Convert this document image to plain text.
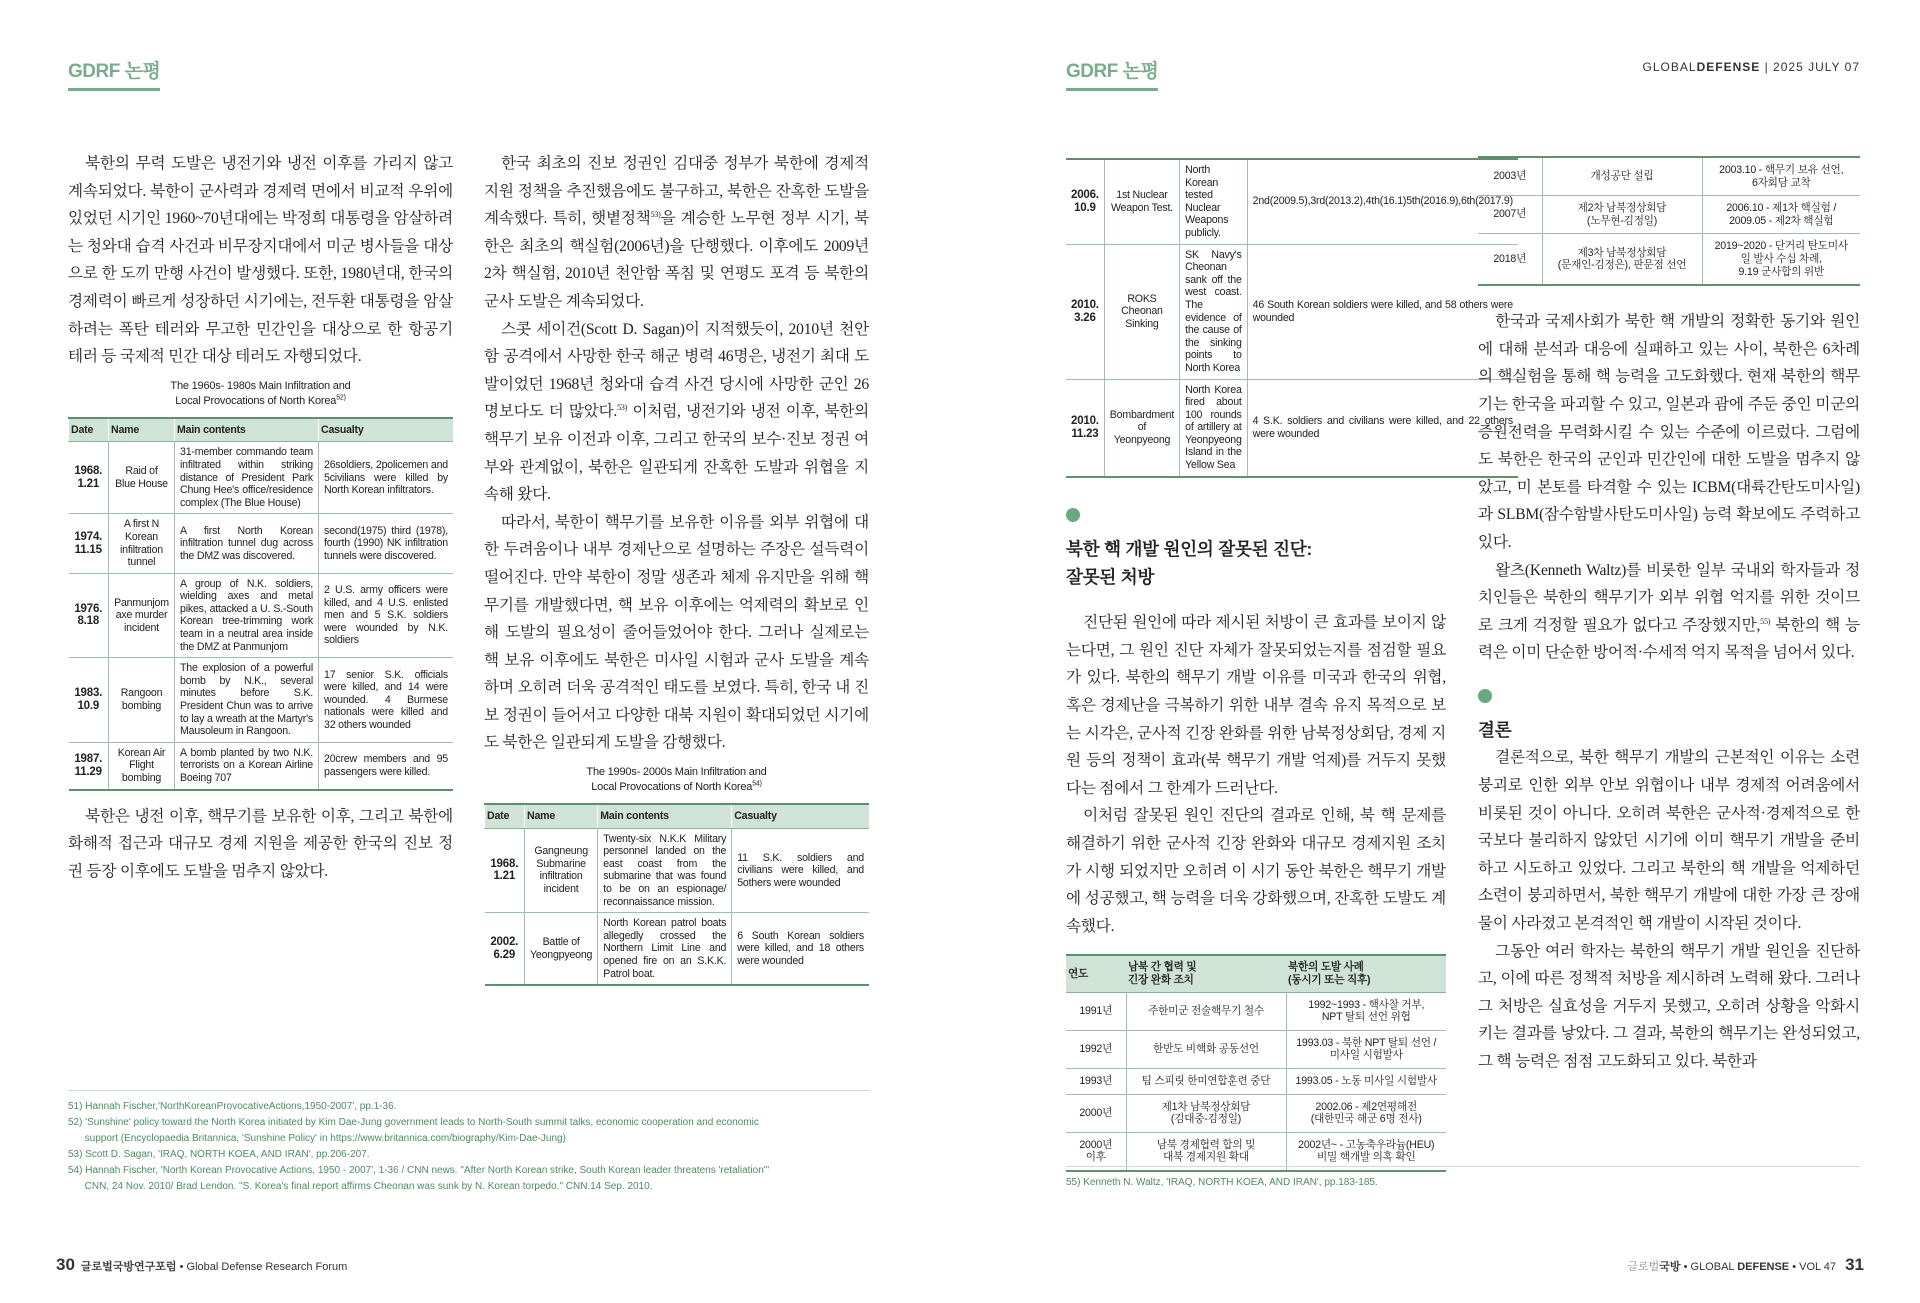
GDRF 논평

북한의 무력 도발은 냉전기와 냉전 이후를 가리지 않고 계속되었다. 북한이 군사력과 경제력 면에서 비교적 우위에 있었던 시기인 1960~70년대에는 박정희 대통령을 암살하려는 청와대 습격 사건과 비무장지대에서 미군 병사들을 대상으로 한 도끼 만행 사건이 발생했다. 또한, 1980년대, 한국의 경제력이 빠르게 성장하던 시기에는, 전두환 대통령을 암살하려는 폭탄 테러와 무고한 민간인을 대상으로 한 항공기 테러 등 국제적 민간 대상 테러도 자행되었다.

The 1960s- 1980s Main Infiltration and
Local Provocations of North Korea$^{52)}$
Date	Name	Main contents	Casualty
1968.
1.21	Raid of Blue House	31-member commando team infiltrated within striking distance of President Park Chung Hee's office/residence complex (The Blue House)	26soldiers, 2policemen and 5civilians were killed by North Korean infiltrators.
1974.
11.15	A first N Korean infiltration tunnel	A first North Korean infiltration tunnel dug across the DMZ was discovered.	second(1975) third (1978), fourth (1990) NK infiltration tunnels were discovered.
1976.
8.18	Panmunjom axe murder incident	A group of N.K. soldiers, wielding axes and metal pikes, attacked a U. S.-South Korean tree-trimming work team in a neutral area inside the DMZ at Panmunjom	2 U.S. army officers were killed, and 4 U.S. enlisted men and 5 S.K. soldiers were wounded by N.K. soldiers
1983.
10.9	Rangoon bombing	The explosion of a powerful bomb by N.K., several minutes before S.K. President Chun was to arrive to lay a wreath at the Martyr's Mausoleum in Rangoon.	17 senior S.K. officials were killed, and 14 were wounded. 4 Burmese nationals were killed and 32 others wounded
1987.
11.29	Korean Air Flight bombing	A bomb planted by two N.K. terrorists on a Korean Airline Boeing 707	20crew members and 95 passengers were killed.

북한은 냉전 이후, 핵무기를 보유한 이후, 그리고 북한에 화해적 접근과 대규모 경제 지원을 제공한 한국의 진보 정권 등장 이후에도 도발을 멈추지 않았다.

한국 최초의 진보 정권인 김대중 정부가 북한에 경제적 지원 정책을 추진했음에도 불구하고, 북한은 잔혹한 도발을 계속했다. 특히, 햇볕정책$^{53)}$을 계승한 노무현 정부 시기, 북한은 최초의 핵실험(2006년)을 단행했다. 이후에도 2009년 2차 핵실험, 2010년 천안함 폭침 및 연평도 포격 등 북한의 군사 도발은 계속되었다.

스콧 세이건(Scott D. Sagan)이 지적했듯이, 2010년 천안함 공격에서 사망한 한국 해군 병력 46명은, 냉전기 최대 도발이었던 1968년 청와대 습격 사건 당시에 사망한 군인 26명보다도 더 많았다.$^{53)}$ 이처럼, 냉전기와 냉전 이후, 북한의 핵무기 보유 이전과 이후, 그리고 한국의 보수·진보 정권 여부와 관계없이, 북한은 일관되게 잔혹한 도발과 위협을 지속해 왔다.

따라서, 북한이 핵무기를 보유한 이유를 외부 위협에 대한 두려움이나 내부 경제난으로 설명하는 주장은 설득력이 떨어진다. 만약 북한이 정말 생존과 체제 유지만을 위해 핵무기를 개발했다면, 핵 보유 이후에는 억제력의 확보로 인해 도발의 필요성이 줄어들었어야 한다. 그러나 실제로는 핵 보유 이후에도 북한은 미사일 시험과 군사 도발을 계속하며 오히려 더욱 공격적인 태도를 보였다. 특히, 한국 내 진보 정권이 들어서고 다양한 대북 지원이 확대되었던 시기에도 북한은 일관되게 도발을 감행했다.

The 1990s- 2000s Main Infiltration and
Local Provocations of North Korea$^{54)}$
Date	Name	Main contents	Casualty
1968.
1.21	Gangneung Submarine infiltration incident	Twenty-six N.K.K Military personnel landed on the east coast from the submarine that was found to be on an espionage/ reconnaissance mission.	11 S.K. soldiers and civilians were killed, and 5others were wounded
2002.
6.29	Battle of Yeongpyeong	North Korean patrol boats allegedly crossed the Northern Limit Line and opened fire on an S.K.K. Patrol boat.	6 South Korean soldiers were killed, and 18 others were wounded
51) Hannah Fischer,'NorthKoreanProvocativeActions,1950-2007', pp.1-36.
52) 'Sunshine' policy toward the North Korea initiated by Kim Dae-Jung government leads to North-South summit talks, economic cooperation and economic
support (Encyclopaedia Britannica, 'Sunshine Policy' in https://www.britannica.com/biography/Kim-Dae-Jung)
53) Scott D. Sagan, 'IRAQ, NORTH KOEA, AND IRAN', pp.206-207.
54) Hannah Fischer, 'North Korean Provocative Actions, 1950 - 2007', 1-36 / CNN news. "After North Korean strike, South Korean leader threatens 'retaliation'"
CNN, 24 Nov. 2010/ Brad Lendon. "S. Korea's final report affirms Cheonan was sunk by N. Korean torpedo." CNN.14 Sep. 2010.
30 글로벌국방연구포럼 • Global Defense Research Forum
GDRF 논평	GLOBALDEFENSE | 2025 JULY 07
2006.
10.9	1st Nuclear Weapon Test.	North Korean tested Nuclear Weapons publicly.	2nd(2009.5),3rd(2013.2),4th(16.1)5th(2016.9),6th(2017.9)
2010.
3.26	ROKS Cheonan Sinking	SK Navy's Cheonan sank off the west coast. The evidence of the cause of the sinking points to North Korea	46 South Korean soldiers were killed, and 58 others were wounded
2010.
11.23	Bombardment of Yeonpyeong	North Korea fired about 100 rounds of artillery at Yeonpyeong Island in the Yellow Sea	4 S.K. soldiers and civilians were killed, and 22 others were wounded
북한 핵 개발 원인의 잘못된 진단:
잘못된 처방

진단된 원인에 따라 제시된 처방이 큰 효과를 보이지 않는다면, 그 원인 진단 자체가 잘못되었는지를 점검할 필요가 있다. 북한의 핵무기 개발 이유를 미국과 한국의 위협, 혹은 경제난을 극복하기 위한 내부 결속 유지 목적으로 보는 시각은, 군사적 긴장 완화를 위한 남북정상회담, 경제 지원 등의 정책이 효과(북 핵무기 개발 억제)를 거두지 못했다는 점에서 그 한계가 드러난다.

이처럼 잘못된 원인 진단의 결과로 인해, 북 핵 문제를 해결하기 위한 군사적 긴장 완화와 대규모 경제지원 조치가 시행 되었지만 오히려 이 시기 동안 북한은 핵무기 개발에 성공했고, 핵 능력을 더욱 강화했으며, 잔혹한 도발도 계속했다.

연도	남북 간 협력 및
긴장 완화 조치	북한의 도발 사례
(동시기 또는 직후)
1991년	주한미군 전술핵무기 철수	1992~1993 - 핵사찰 거부,
NPT 탈퇴 선언 위협
1992년	한반도 비핵화 공동선언	1993.03 - 북한 NPT 탈퇴 선언 /
미사일 시험발사
1993년	팀 스피릿 한미연합훈련 중단	1993.05 - 노동 미사일 시험발사
2000년	제1차 남북정상회담
(김대중-김정일)	2002.06 - 제2연평해전
(대한민국 해군 6명 전사)
2000년
이후	남북 경제협력 합의 및
대북 경제지원 확대	2002년~ - 고농축우라늄(HEU)
비밀 핵개발 의혹 확인
2003년	개성공단 설립	2003.10 - 핵무기 보유 선언,
6자회담 교착
2007년	제2차 남북정상회담
(노무현-김정일)	2006.10 - 제1차 핵실험 /
2009.05 - 제2차 핵실험
2018년	제3차 남북정상회담
(문재인-김정은), 판문점 선언	2019~2020 - 단거리 탄도미사
일 발사 수십 차례,
9.19 군사합의 위반

한국과 국제사회가 북한 핵 개발의 정확한 동기와 원인에 대해 분석과 대응에 실패하고 있는 사이, 북한은 6차례의 핵실험을 통해 핵 능력을 고도화했다. 현재 북한의 핵무기는 한국을 파괴할 수 있고, 일본과 괌에 주둔 중인 미군의 증원전력을 무력화시킬 수 있는 수준에 이르렀다. 그럼에도 북한은 한국의 군인과 민간인에 대한 도발을 멈추지 않았고, 미 본토를 타격할 수 있는 ICBM(대륙간탄도미사일)과 SLBM(잠수함발사탄도미사일) 능력 확보에도 주력하고 있다.

왈츠(Kenneth Waltz)를 비롯한 일부 국내외 학자들과 정치인들은 북한의 핵무기가 외부 위협 억지를 위한 것이므로 크게 걱정할 필요가 없다고 주장했지만,$^{55)}$ 북한의 핵 능력은 이미 단순한 방어적·수세적 억지 목적을 넘어서 있다.

결론

결론적으로, 북한 핵무기 개발의 근본적인 이유는 소련 붕괴로 인한 외부 안보 위협이나 내부 경제적 어려움에서 비롯된 것이 아니다. 오히려 북한은 군사적·경제적으로 한국보다 불리하지 않았던 시기에 이미 핵무기 개발을 준비하고 시도하고 있었다. 그리고 북한의 핵 개발을 억제하던 소련이 붕괴하면서, 북한 핵무기 개발에 대한 가장 큰 장애물이 사라졌고 본격적인 핵 개발이 시작된 것이다.

그동안 여러 학자는 북한의 핵무기 개발 원인을 진단하고, 이에 따른 정책적 처방을 제시하려 노력해 왔다. 그러나 그 처방은 실효성을 거두지 못했고, 오히려 상황을 악화시키는 결과를 낳았다. 그 결과, 북한의 핵무기는 완성되었고, 그 핵 능력은 점점 고도화되고 있다. 북한과

55) Kenneth N. Waltz, 'IRAQ, NORTH KOEA, AND IRAN', pp.183-185.
글로벌국방 • GLOBAL DEFENSE • VOL 47 31
